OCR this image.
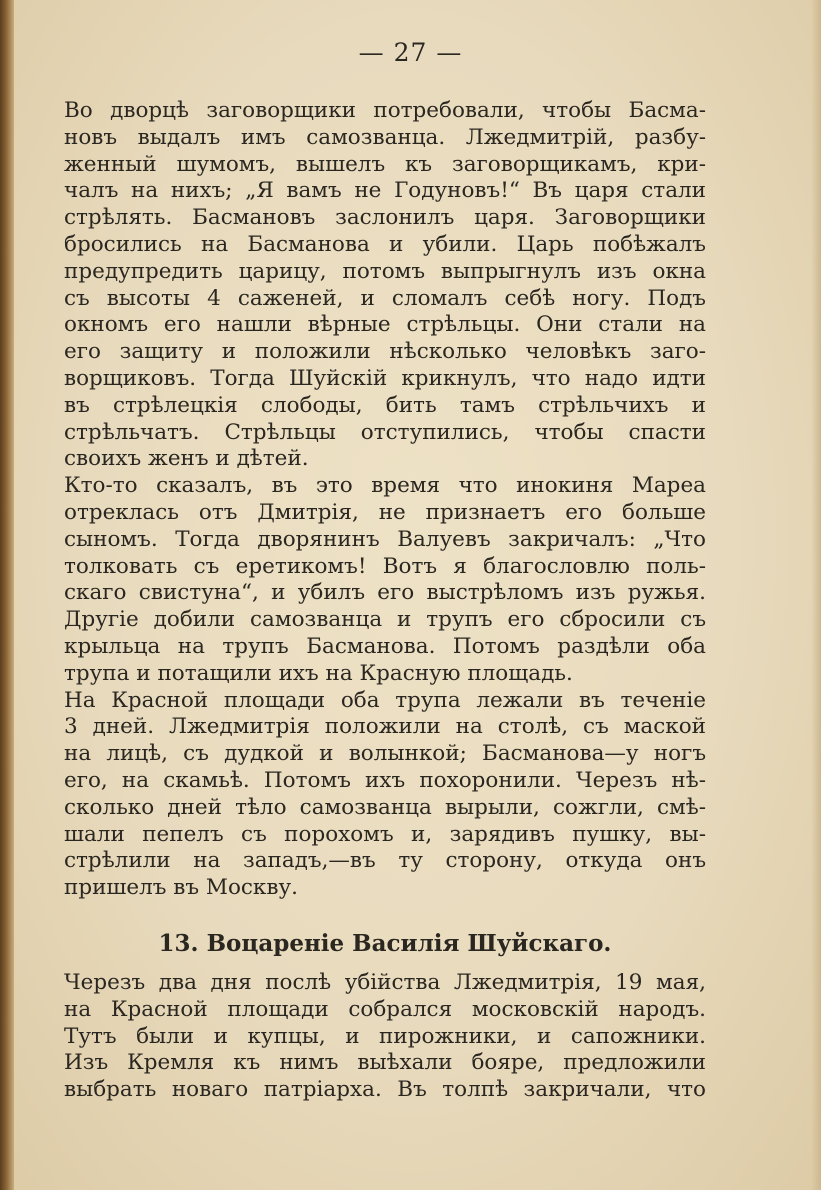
— 27 —
Во дворцѣ заговорщики потребовали, чтобы Басма-
новъ выдалъ имъ самозванца. Лжедмитрій, разбу-
женный шумомъ, вышелъ къ заговорщикамъ, кри-
чалъ на нихъ; „Я вамъ не Годуновъ!“ Въ царя стали
стрѣлять. Басмановъ заслонилъ царя. Заговорщики
бросились на Басманова и убили. Царь побѣжалъ
предупредить царицу, потомъ выпрыгнулъ изъ окна
съ высоты 4 саженей, и сломалъ себѣ ногу. Подъ
окномъ его нашли вѣрные стрѣльцы. Они стали на
его защиту и положили нѣсколько человѣкъ заго-
ворщиковъ. Тогда Шуйскій крикнулъ, что надо идти
въ стрѣлецкія слободы, бить тамъ стрѣльчихъ и
стрѣльчатъ. Стрѣльцы отступились, чтобы спасти
своихъ женъ и дѣтей.
Кто-то сказалъ, въ это время что инокиня Мареа
отреклась отъ Дмитрія, не признаетъ его больше
сыномъ. Тогда дворянинъ Валуевъ закричалъ: „Что
толковать съ еретикомъ! Вотъ я благословлю поль-
скаго свистуна“, и убилъ его выстрѣломъ изъ ружья.
Другіе добили самозванца и трупъ его сбросили съ
крыльца на трупъ Басманова. Потомъ раздѣли оба
трупа и потащили ихъ на Красную площадь.
На Красной площади оба трупа лежали въ теченіе
3 дней. Лжедмитрія положили на столѣ, съ маской
на лицѣ, съ дудкой и волынкой; Басманова—у ногъ
его, на скамьѣ. Потомъ ихъ похоронили. Черезъ нѣ-
сколько дней тѣло самозванца вырыли, сожгли, смѣ-
шали пепелъ съ порохомъ и, зарядивъ пушку, вы-
стрѣлили на западъ,—въ ту сторону, откуда онъ
пришелъ въ Москву.
13. Воцареніе Василія Шуйскаго.
Черезъ два дня послѣ убійства Лжедмитрія, 19 мая,
на Красной площади собрался московскій народъ.
Тутъ были и купцы, и пирожники, и сапожники.
Изъ Кремля къ нимъ выѣхали бояре, предложили
выбрать новаго патріарха. Въ толпѣ закричали, что
